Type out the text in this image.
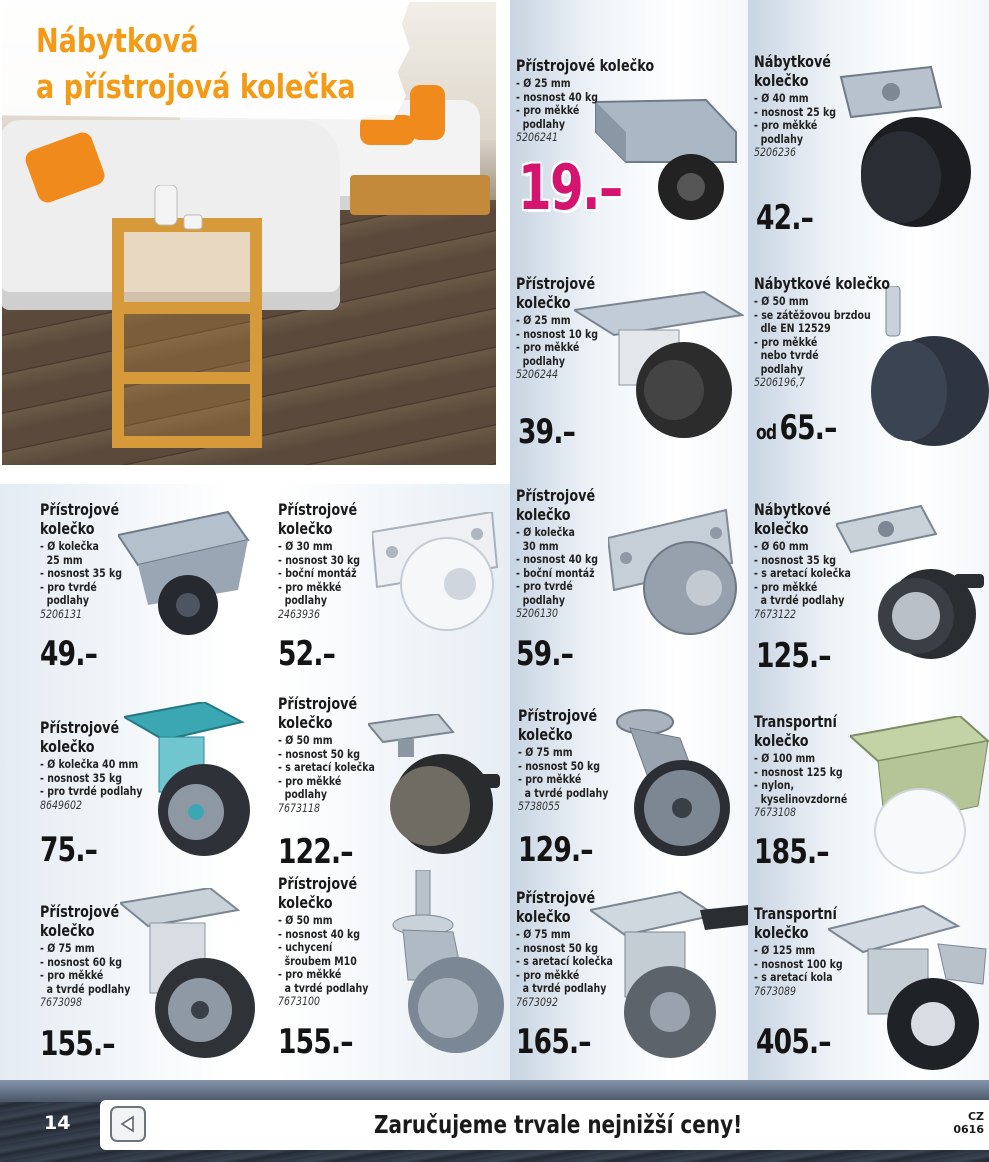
Nábytková
a přístrojová kolečka
Přístrojové kolečko
- Ø 25 mm
- nosnost 40 kg
- pro měkké
podlahy
5206241
19.–
Nábytkové
kolečko
- Ø 40 mm
- nosnost 25 kg
- pro měkké
podlahy
5206236
42.–
Přístrojové
kolečko
- Ø 25 mm
- nosnost 10 kg
- pro měkké
podlahy
5206244
39.–
Nábytkové kolečko
- Ø 50 mm
- se zátěžovou brzdou
dle EN 12529
- pro měkké
nebo tvrdé
podlahy
5206196,7
od65.–
Přístrojové
kolečko
- Ø kolečka
25 mm
- nosnost 35 kg
- pro tvrdé
podlahy
5206131
49.–
Přístrojové
kolečko
- Ø 30 mm
- nosnost 30 kg
- boční montáž
- pro měkké
podlahy
2463936
52.–
Přístrojové
kolečko
- Ø kolečka
30 mm
- nosnost 40 kg
- boční montáž
- pro tvrdé
podlahy
5206130
59.–
Nábytkové
kolečko
- Ø 60 mm
- nosnost 35 kg
- s aretací kolečka
- pro měkké
a tvrdé podlahy
7673122
125.–
Přístrojové
kolečko
- Ø kolečka 40 mm
- nosnost 35 kg
- pro tvrdé podlahy
8649602
75.–
Přístrojové
kolečko
- Ø 50 mm
- nosnost 50 kg
- s aretací kolečka
- pro měkké
podlahy
7673118
122.–
Přístrojové
kolečko
- Ø 75 mm
- nosnost 50 kg
- pro měkké
a tvrdé podlahy
5738055
129.–
Transportní
kolečko
- Ø 100 mm
- nosnost 125 kg
- nylon,
kyselinovzdorné
7673108
185.–
Přístrojové
kolečko
- Ø 75 mm
- nosnost 60 kg
- pro měkké
a tvrdé podlahy
7673098
155.–
Přístrojové
kolečko
- Ø 50 mm
- nosnost 40 kg
- uchycení
šroubem M10
- pro měkké
a tvrdé podlahy
7673100
155.–
Přístrojové
kolečko
- Ø 75 mm
- nosnost 50 kg
- s aretací kolečka
- pro měkké
a tvrdé podlahy
7673092
165.–
Transportní
kolečko
- Ø 125 mm
- nosnost 100 kg
- s aretací kola
7673089
405.–
14	Zaručujeme trvale nejnižší ceny!	CZ
0616
